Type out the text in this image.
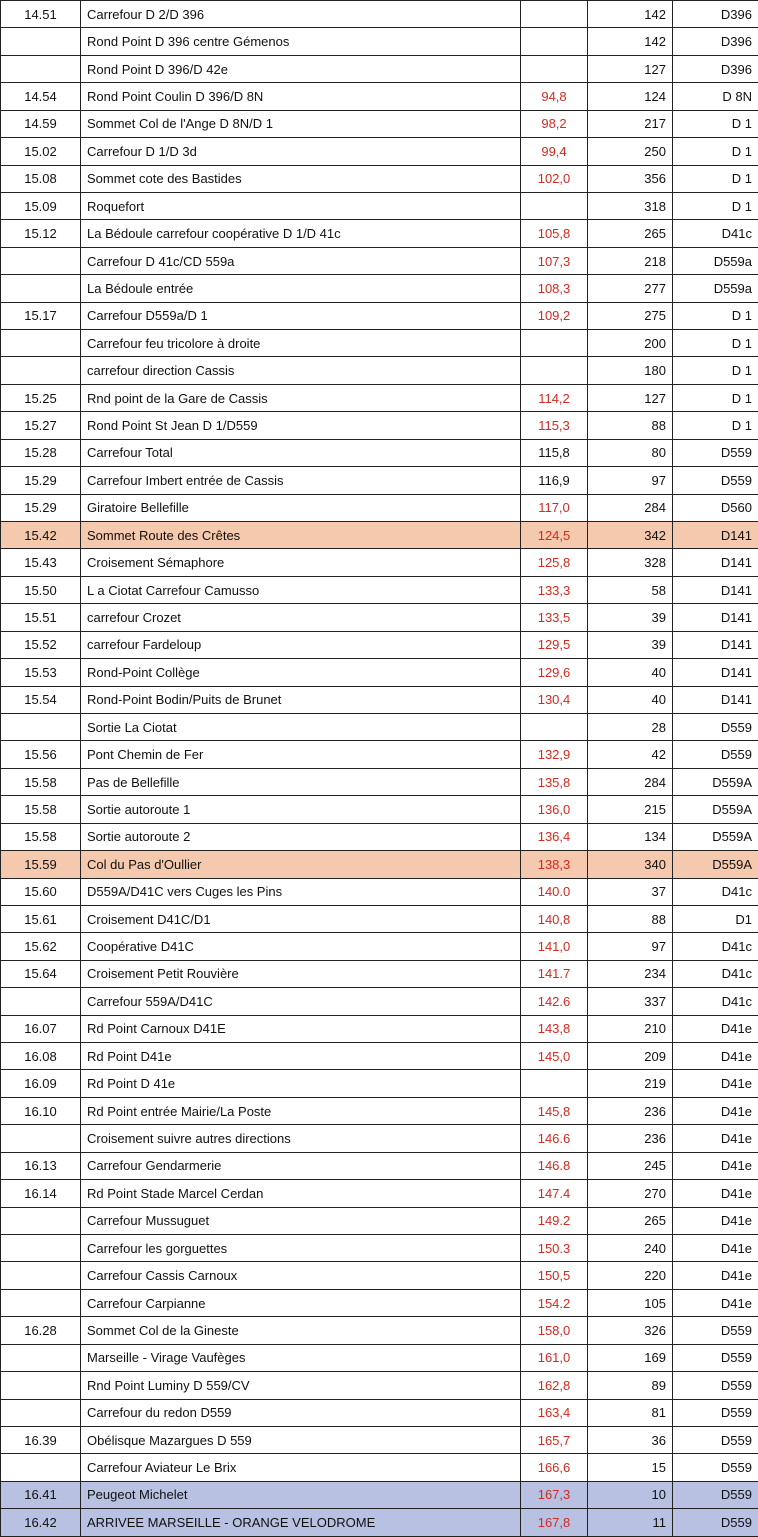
14.51	Carrefour D 2/D 396		142	D396
	Rond Point D 396 centre Gémenos		142	D396
	Rond Point D 396/D 42e		127	D396
14.54	Rond Point Coulin D 396/D 8N	94,8	124	D 8N
14.59	Sommet Col de l'Ange D 8N/D 1	98,2	217	D 1
15.02	Carrefour D 1/D 3d	99,4	250	D 1
15.08	Sommet cote des Bastides	102,0	356	D 1
15.09	Roquefort		318	D 1
15.12	La Bédoule carrefour coopérative D 1/D 41c	105,8	265	D41c
	Carrefour D 41c/CD 559a	107,3	218	D559a
	La Bédoule entrée	108,3	277	D559a
15.17	Carrefour D559a/D 1	109,2	275	D 1
	Carrefour feu tricolore à droite		200	D 1
	carrefour direction Cassis		180	D 1
15.25	Rnd point de la Gare de Cassis	114,2	127	D 1
15.27	Rond Point St Jean D 1/D559	115,3	88	D 1
15.28	Carrefour Total	115,8	80	D559
15.29	Carrefour Imbert entrée de Cassis	116,9	97	D559
15.29	Giratoire Bellefille	117,0	284	D560
15.42	Sommet Route des Crêtes	124,5	342	D141
15.43	Croisement Sémaphore	125,8	328	D141
15.50	L a Ciotat Carrefour Camusso	133,3	58	D141
15.51	carrefour Crozet	133,5	39	D141
15.52	carrefour Fardeloup	129,5	39	D141
15.53	Rond-Point Collège	129,6	40	D141
15.54	Rond-Point Bodin/Puits de Brunet	130,4	40	D141
	Sortie La Ciotat		28	D559
15.56	Pont Chemin de Fer	132,9	42	D559
15.58	Pas de Bellefille	135,8	284	D559A
15.58	Sortie autoroute 1	136,0	215	D559A
15.58	Sortie autoroute 2	136,4	134	D559A
15.59	Col du Pas d'Oullier	138,3	340	D559A
15.60	D559A/D41C vers Cuges les Pins	140.0	37	D41c
15.61	Croisement D41C/D1	140,8	88	D1
15.62	Coopérative D41C	141,0	97	D41c
15.64	Croisement Petit Rouvière	141.7	234	D41c
	Carrefour 559A/D41C	142.6	337	D41c
16.07	Rd Point Carnoux D41E	143,8	210	D41e
16.08	Rd Point D41e	145,0	209	D41e
16.09	Rd Point D 41e		219	D41e
16.10	Rd Point entrée Mairie/La Poste	145,8	236	D41e
	Croisement suivre autres directions	146.6	236	D41e
16.13	Carrefour Gendarmerie	146.8	245	D41e
16.14	Rd Point Stade Marcel Cerdan	147.4	270	D41e
	Carrefour Mussuguet	149.2	265	D41e
	Carrefour les gorguettes	150.3	240	D41e
	Carrefour Cassis Carnoux	150,5	220	D41e
	Carrefour Carpianne	154.2	105	D41e
16.28	Sommet Col de la Gineste	158,0	326	D559
	Marseille - Virage Vaufèges	161,0	169	D559
	Rnd Point Luminy D 559/CV	162,8	89	D559
	Carrefour du redon D559	163,4	81	D559
16.39	Obélisque Mazargues D 559	165,7	36	D559
	Carrefour Aviateur Le Brix	166,6	15	D559
16.41	Peugeot Michelet	167,3	10	D559
16.42	ARRIVEE MARSEILLE - ORANGE VELODROME	167,8	11	D559
